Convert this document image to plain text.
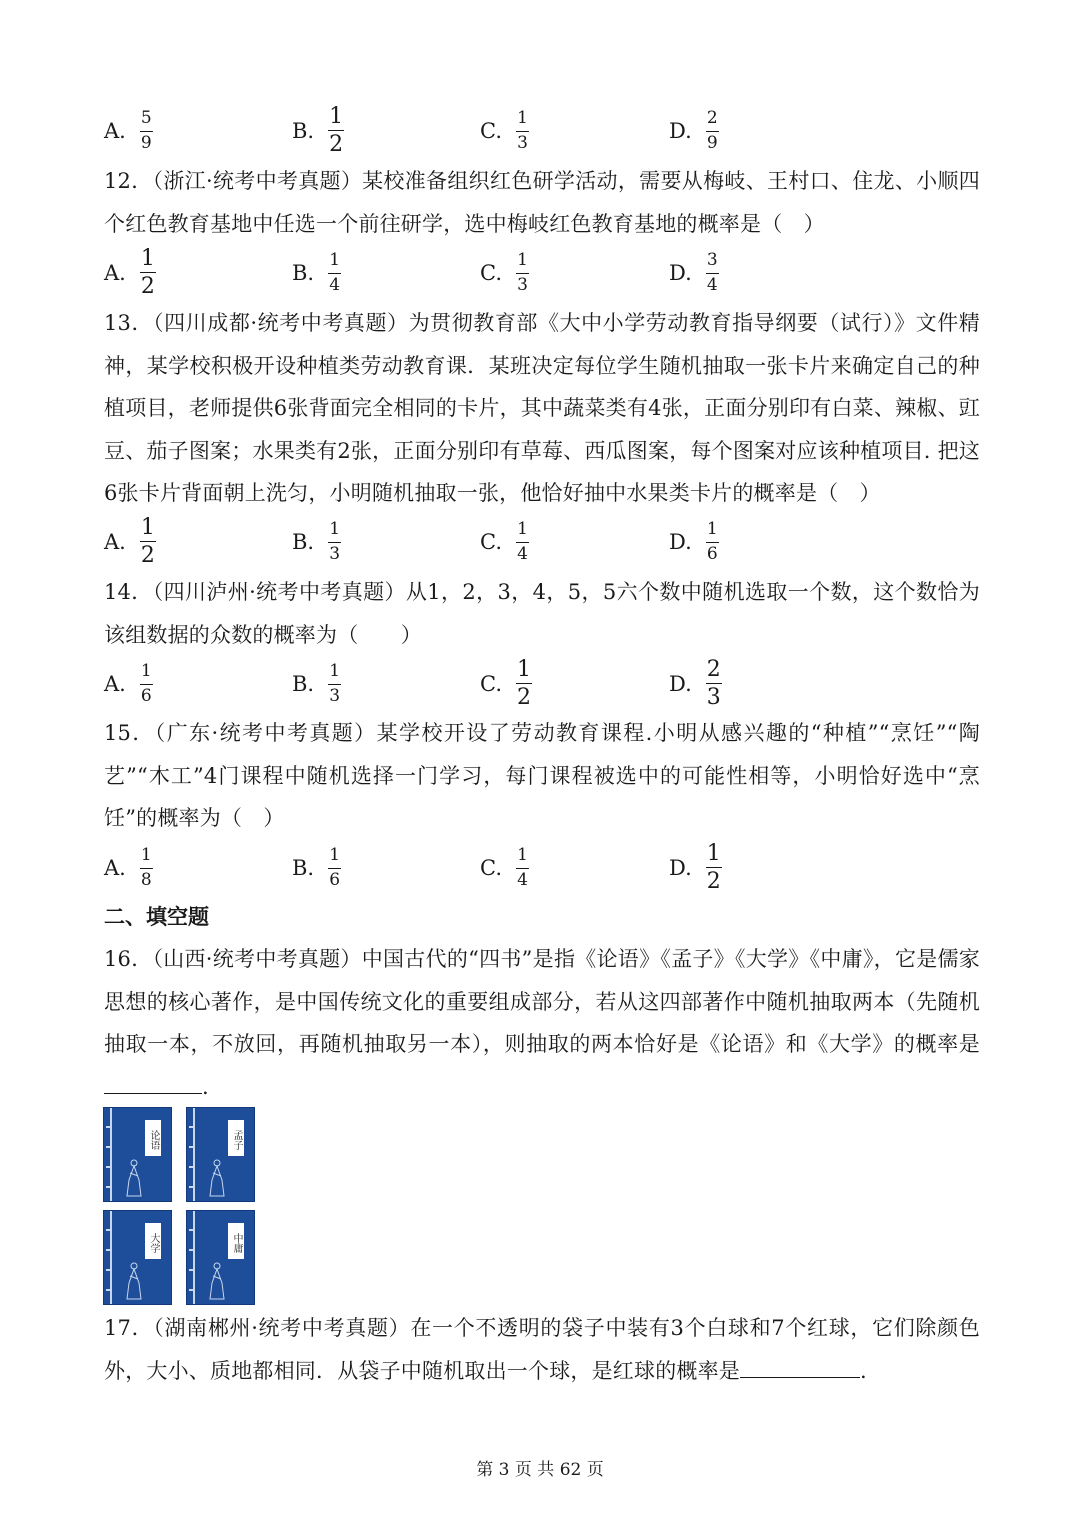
A. $\frac{5}{9}$	B. $\frac{1}{2}$	C. $\frac{1}{3}$	D. $\frac{2}{9}$
12．（浙江·统考中考真题）某校准备组织红色研学活动，需要从梅岐、王村口、住龙、小顺四个红色教育基地中任选一个前往研学，选中梅岐红色教育基地的概率是（　）
A. $\frac{1}{2}$	B. $\frac{1}{4}$	C. $\frac{1}{3}$	D. $\frac{3}{4}$
13．（四川成都·统考中考真题）为贯彻教育部《大中小学劳动教育指导纲要（试行）》文件精神，某学校积极开设种植类劳动教育课．某班决定每位学生随机抽取一张卡片来确定自己的种植项目，老师提供6张背面完全相同的卡片，其中蔬菜类有4张，正面分别印有白菜、辣椒、豇豆、茄子图案；水果类有2张，正面分别印有草莓、西瓜图案，每个图案对应该种植项目. 把这6张卡片背面朝上洗匀，小明随机抽取一张，他恰好抽中水果类卡片的概率是（　）
A. $\frac{1}{2}$	B. $\frac{1}{3}$	C. $\frac{1}{4}$	D. $\frac{1}{6}$
14．（四川泸州·统考中考真题）从1，2，3，4，5，5六个数中随机选取一个数，这个数恰为该组数据的众数的概率为（　　）
A. $\frac{1}{6}$	B. $\frac{1}{3}$	C. $\frac{1}{2}$	D. $\frac{2}{3}$
15．（广东·统考中考真题）某学校开设了劳动教育课程.小明从感兴趣的“种植”“烹饪”“陶艺”“木工”4门课程中随机选择一门学习，每门课程被选中的可能性相等，小明恰好选中“烹饪”的概率为（　）
A. $\frac{1}{8}$	B. $\frac{1}{6}$	C. $\frac{1}{4}$	D. $\frac{1}{2}$
二、填空题
16．（山西·统考中考真题）中国古代的“四书”是指《论语》《孟子》《大学》《中庸》，它是儒家思想的核心著作，是中国传统文化的重要组成部分，若从这四部著作中随机抽取两本（先随机抽取一本，不放回，再随机抽取另一本），则抽取的两本恰好是《论语》和《大学》的概率是.
论语	孟子
大学	中庸
17．（湖南郴州·统考中考真题）在一个不透明的袋子中装有3个白球和7个红球，它们除颜色外，大小、质地都相同．从袋子中随机取出一个球，是红球的概率是	.
第 3 页 共 62 页
